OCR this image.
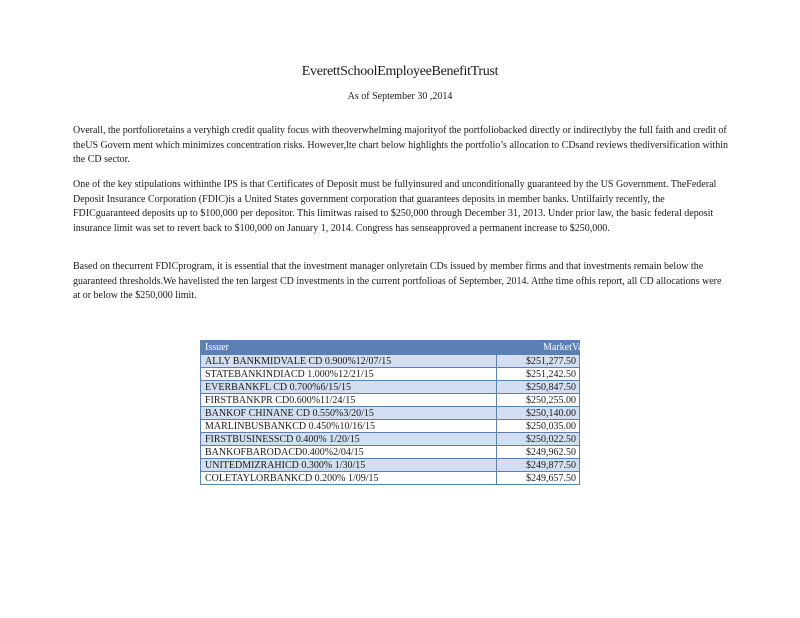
EverettSchoolEmployeeBenefitTrust
As of September 30 ,2014

Overall, the portfolioretains a veryhigh credit quality focus with theoverwhelming majorityof the portfoliobacked directly or indirectlyby the full faith and credit of theUS Govern ment which minimizes concentration risks. However,lte chart below highlights the portfolio’s allocation to CDsand reviews thediversification within the CD sector.

One of the key stipulations withinthe IPS is that Certificates of Deposit must be fullyinsured and unconditionally guaranteed by the US Government. TheFederal Deposit Insurance Corporation (FDIC)is a United States government corporation that guarantees deposits in member banks. Untilfairly recently, the FDICguaranteed deposits up to $100,000 per depositor. This limitwas raised to $250,000 through December 31, 2013. Under prior law, the basic federal deposit insurance limit was set to revert back to $100,000 on January 1, 2014. Congress has senseapproved a permanent increase to $250,000.

Based on thecurrent FDICprogram, it is essential that the investment manager onlyretain CDs issued by member firms and that investments remain below the guaranteed thresholds.We havelisted the ten largest CD investments in the current portfolioas of September, 2014. Atthe time ofhis report, all CD allocations were at or below the $250,000 limit.

Issuer	MarketValue
ALLY BANKMIDVALE CD 0.900%12/07/15	$251,277.50
STATEBANKINDIACD 1.000%12/21/15	$251,242.50
EVERBANKFL CD 0.700%6/15/15	$250,847.50
FIRSTBANKPR CD0.600%11/24/15	$250,255.00
BANKOF CHINANE CD 0.550%3/20/15	$250,140.00
MARLINBUSBANKCD 0.450%10/16/15	$250,035.00
FIRSTBUSINESSCD 0.400% 1/20/15	$250,022.50
BANKOFBARODACD0.400%2/04/15	$249,962.50
UNITEDMIZRAHICD 0.300% 1/30/15	$249,877.50
COLETAYLORBANKCD 0.200% 1/09/15	$249,657.50
